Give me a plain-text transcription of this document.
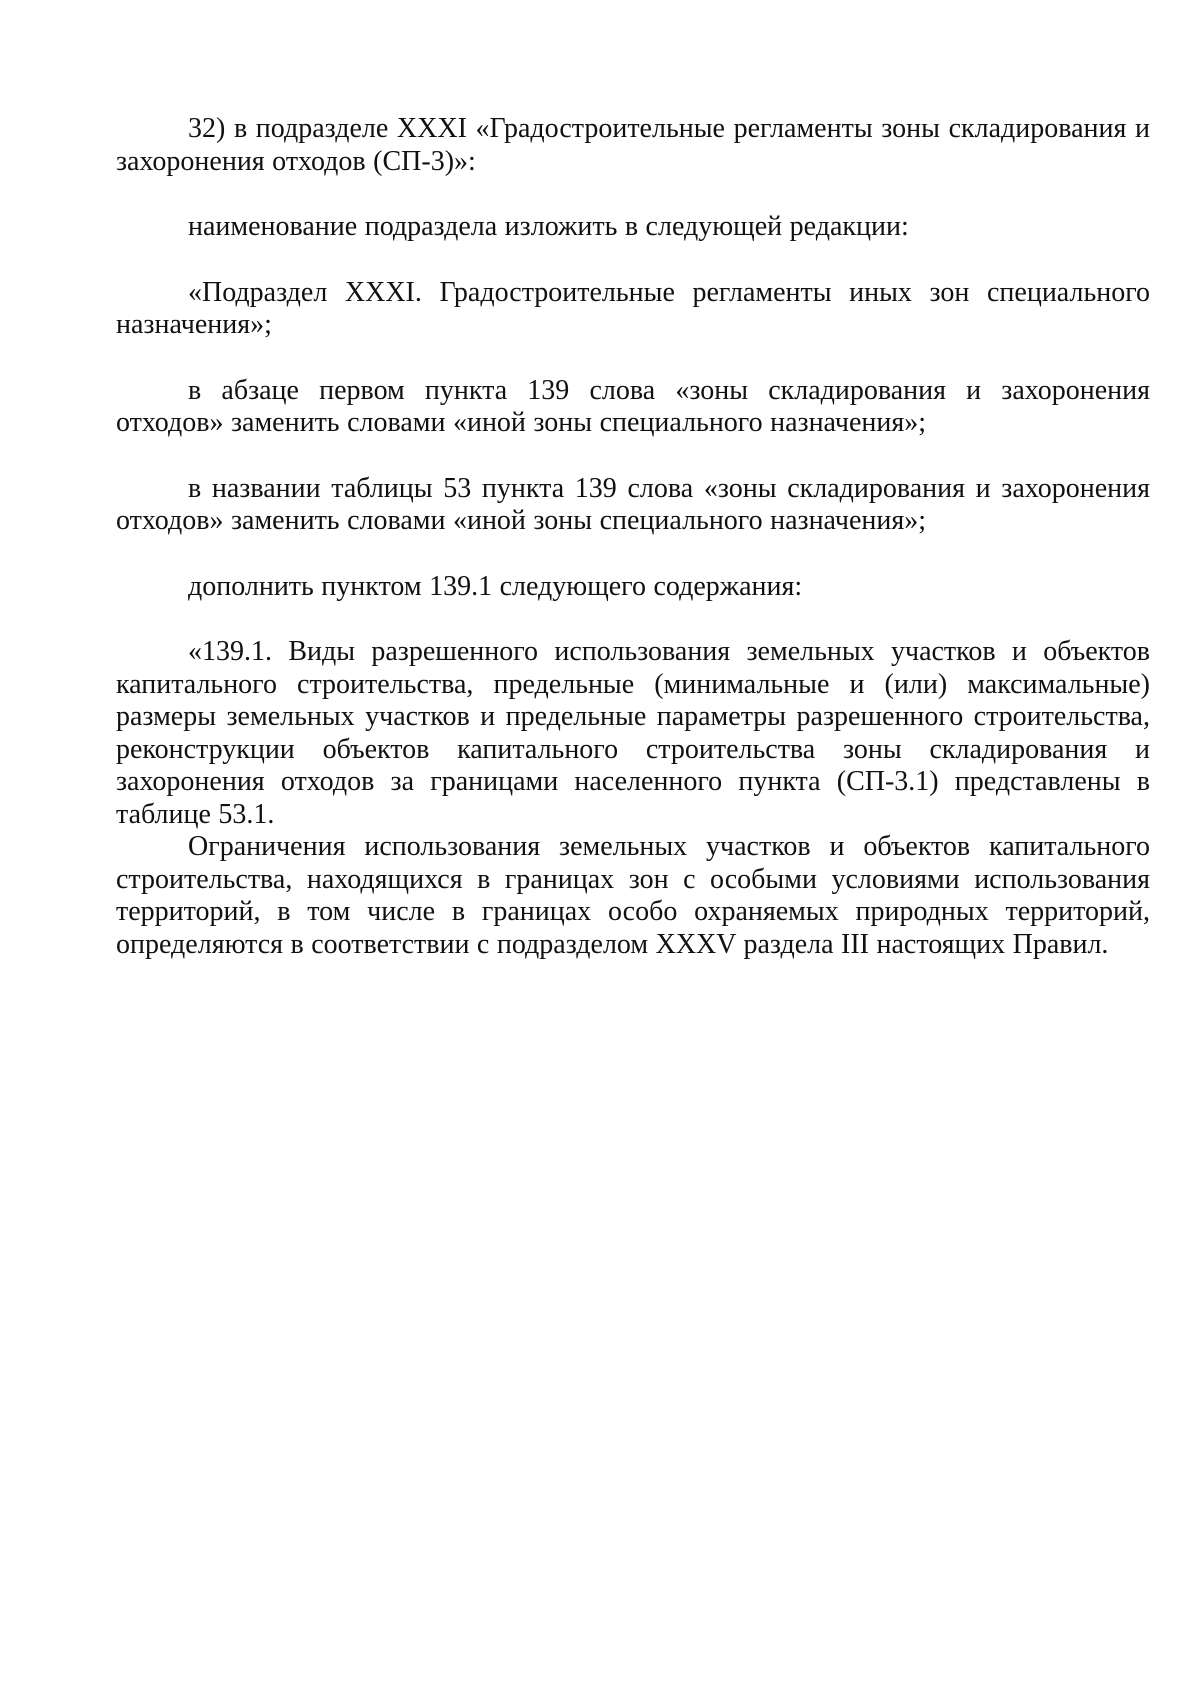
32) в подразделе XXXI «Градостроительные регламенты зоны складирования и захоронения отходов (СП-3)»:

наименование подраздела изложить в следующей редакции:

«Подраздел XXXI. Градостроительные регламенты иных зон специального назначения»;

в абзаце первом пункта 139 слова «зоны складирования и захоронения отходов» заменить словами «иной зоны специального назначения»;

в названии таблицы 53 пункта 139 слова «зоны складирования и захоронения отходов» заменить словами «иной зоны специального назначения»;

дополнить пунктом 139.1 следующего содержания:

«139.1. Виды разрешенного использования земельных участков и объектов капитального строительства, предельные (минимальные и (или) максимальные) размеры земельных участков и предельные параметры разрешенного строительства, реконструкции объектов капитального строительства зоны складирования и захоронения отходов за границами населенного пункта (СП-3.1) представлены в таблице 53.1.

Ограничения использования земельных участков и объектов капитального строительства, находящихся в границах зон с особыми условиями использования территорий, в том числе в границах особо охраняемых природных территорий, определяются в соответствии с подразделом XXXV раздела III настоящих Правил.
